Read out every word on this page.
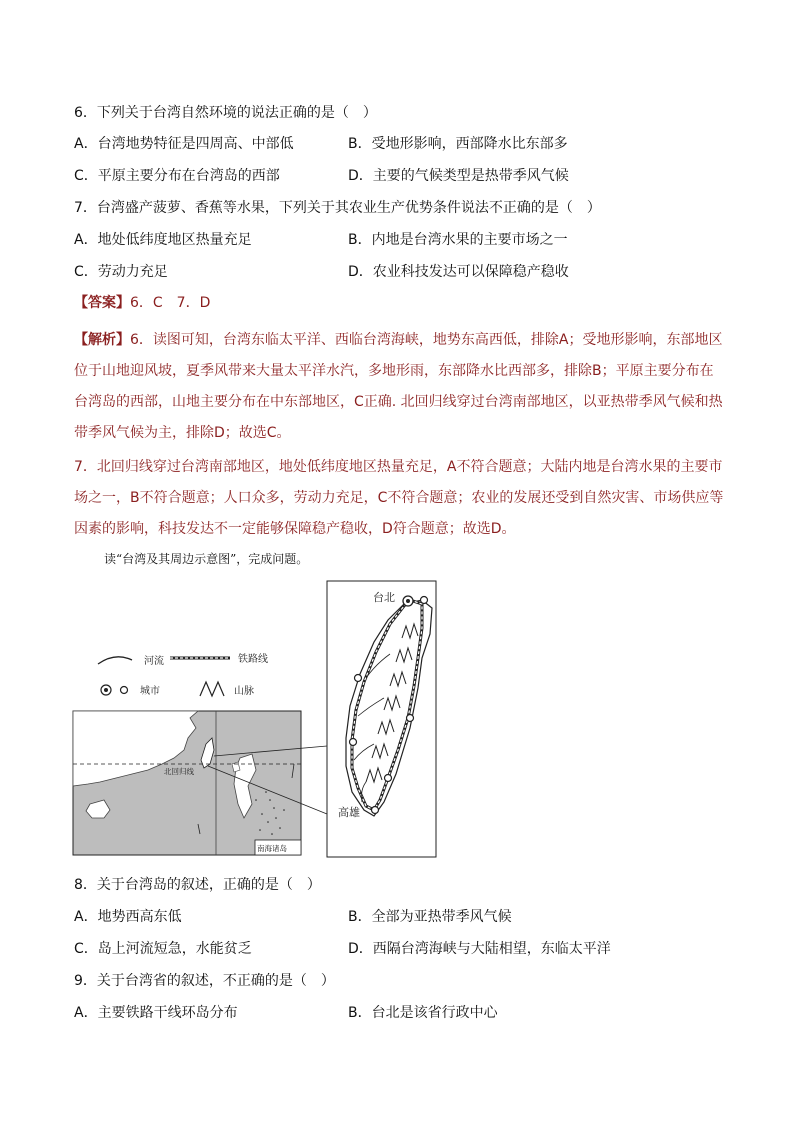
6．下列关于台湾自然环境的说法正确的是（　）
A．台湾地势特征是四周高、中部低	B．受地形影响，西部降水比东部多
C．平原主要分布在台湾岛的西部	D．主要的气候类型是热带季风气候
7．台湾盛产菠萝、香蕉等水果，下列关于其农业生产优势条件说法不正确的是（　）
A．地处低纬度地区热量充足	B．内地是台湾水果的主要市场之一
C．劳动力充足	D．农业科技发达可以保障稳产稳收
【答案】6．C　7．D
【解析】6．读图可知，台湾东临太平洋、西临台湾海峡，地势东高西低，排除A；受地形影响，东部地区位于山地迎风坡，夏季风带来大量太平洋水汽，多地形雨，东部降水比西部多，排除B；平原主要分布在台湾岛的西部，山地主要分布在中东部地区，C正确. 北回归线穿过台湾南部地区，以亚热带季风气候和热带季风气候为主，排除D；故选C。
7．北回归线穿过台湾南部地区，地处低纬度地区热量充足，A不符合题意；大陆内地是台湾水果的主要市场之一，B不符合题意；人口众多，劳动力充足，C不符合题意；农业的发展还受到自然灾害、市场供应等因素的影响，科技发达不一定能够保障稳产稳收，D符合题意；故选D。
读“台湾及其周边示意图”，完成问题。
河流	铁路线
城市	山脉
北回归线
南海诸岛
台北
高雄
8．关于台湾岛的叙述，正确的是（　）
A．地势西高东低	B．全部为亚热带季风气候
C．岛上河流短急，水能贫乏	D．西隔台湾海峡与大陆相望，东临太平洋
9．关于台湾省的叙述，不正确的是（　）
A．主要铁路干线环岛分布	B．台北是该省行政中心
